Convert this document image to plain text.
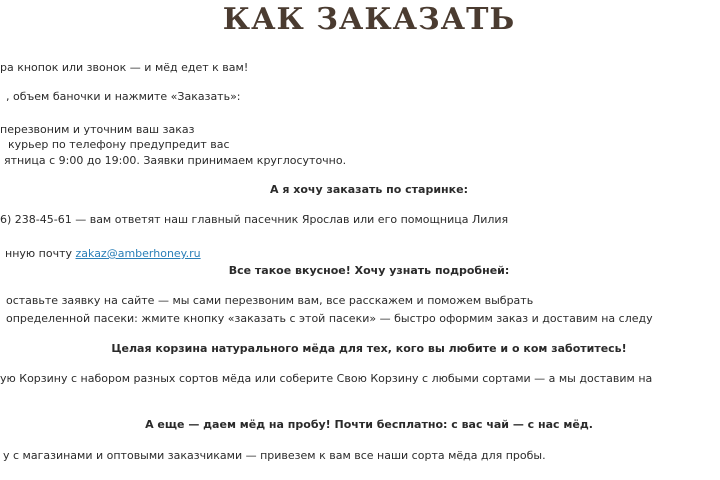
КАК ЗАКАЗАТЬ
ра кнопок или звонок — и мёд едет к вам!
, объем баночки и нажмите «Заказать»:
перезвоним и уточним ваш заказ
курьер по телефону предупредит вас
ятница с 9:00 до 19:00. Заявки принимаем круглосуточно.
А я хочу заказать по старинке:
6) 238-45-61 — вам ответят наш главный пасечник Ярослав или его помощница Лилия
нную почту zakaz@amberhoney.ru
Все такое вкусное! Хочу узнать подробней:
оставьте заявку на сайте — мы сами перезвоним вам, все расскажем и поможем выбрать
определенной пасеки: жмите кнопку «заказать с этой пасеки» — быстро оформим заказ и доставим на следу
Целая корзина натурального мёда для тех, кого вы любите и о ком заботитесь!
ую Корзину с набором разных сортов мёда или соберите Свою Корзину с любыми сортами — а мы доставим на
А еще — даем мёд на пробу! Почти бесплатно: с вас чай — с нас мёд.
у с магазинами и оптовыми заказчиками — привезем к вам все наши сорта мёда для пробы.
